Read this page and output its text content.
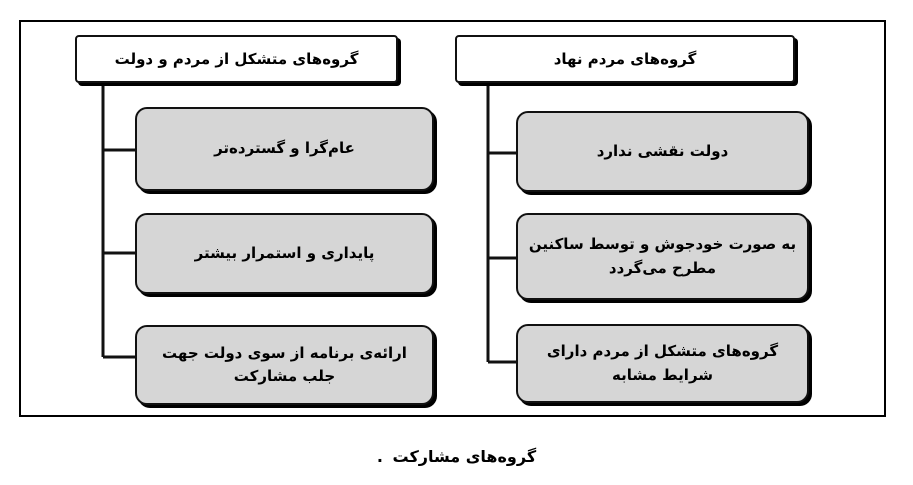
گروه‌های متشکل از مردم و دولت	گروه‌های مردم نهاد
عام‌گرا و گسترده‌تر
پایداری و استمرار بیشتر
ارائه‌ی برنامه از سوی دولت جهت جلب مشارکت
دولت نقشی ندارد
به صورت خودجوش و توسط ساکنین مطرح می‌گردد
گروه‌های متشکل از مردم دارای شرایط مشابه
گروه‌های مشارکت .
